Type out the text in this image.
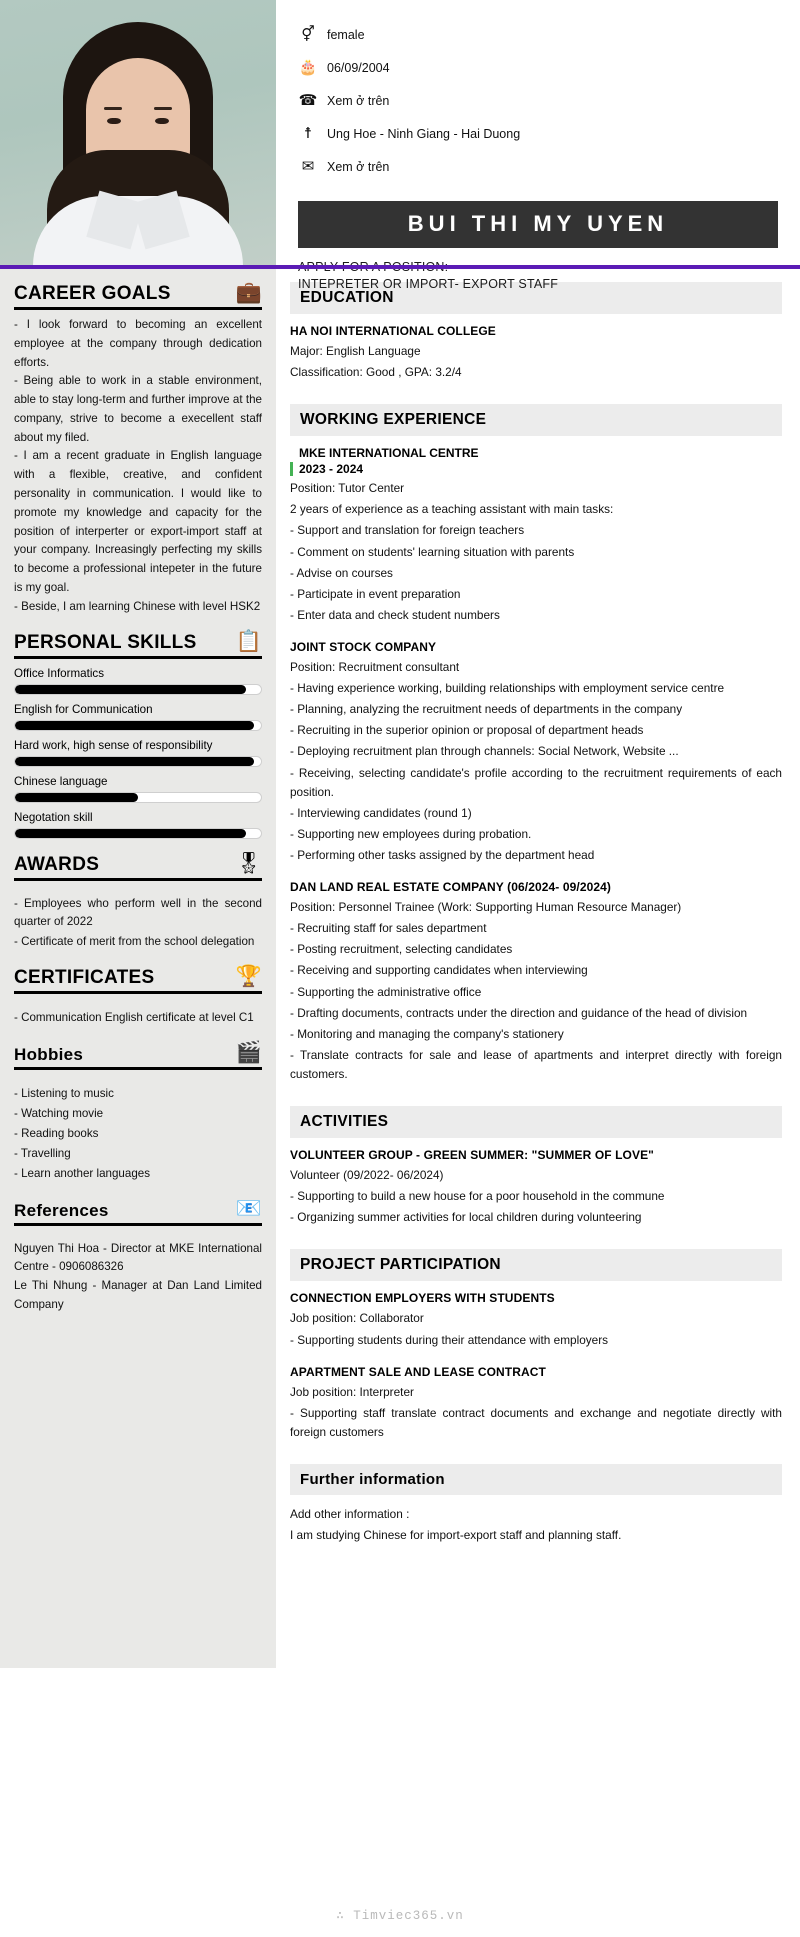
⚥ female
🎂 06/09/2004
☎ Xem ở trên
☨	Ung Hoe - Ninh Giang - Hai Duong
✉ Xem ở trên
BUI THI MY UYEN
INTEPRETER OR IMPORT- EXPORT STAFF
CAREER GOALS	💼
- I look forward to becoming an excellent employee at the company through dedication efforts.
- Being able to work in a stable environment, able to stay long-term and further improve at the company, strive to become a execellent staff about my filed.
- I am a recent graduate in English language with a flexible, creative, and confident personality in communication. I would like to promote my knowledge and capacity for the position of interperter or export-import staff at your company. Increasingly perfecting my skills to become a professional intepeter in the future is my goal.
- Beside, I am learning Chinese with level HSK2
PERSONAL SKILLS 📋
Office Informatics
English for Communication
Hard work, high sense of responsibility
Chinese language
Negotation skill
AWARDS	🎖
- Employees who perform well in the second quarter of 2022
- Certificate of merit from the school delegation
CERTIFICATES	🏆
- Communication English certificate at level C1
Hobbies	🎬
- Listening to music
- Watching movie
- Reading books
- Travelling
- Learn another languages
References	📧
Nguyen Thi Hoa - Director at MKE International Centre - 0906086326
Le Thi Nhung - Manager at Dan Land Limited Company
EDUCATION
HA NOI INTERNATIONAL COLLEGE
Major: English Language
Classification: Good , GPA: 3.2/4
WORKING EXPERIENCE
MKE INTERNATIONAL CENTRE
2023 - 2024
Position: Tutor Center
2 years of experience as a teaching assistant with main tasks:
- Support and translation for foreign teachers
- Comment on students' learning situation with parents
- Advise on courses
- Participate in event preparation
- Enter data and check student numbers
JOINT STOCK COMPANY
Position: Recruitment consultant
- Having experience working, building relationships with employment service centre
- Planning, analyzing the recruitment needs of departments in the company
- Recruiting in the superior opinion or proposal of department heads
- Deploying recruitment plan through channels: Social Network, Website ...
- Receiving, selecting candidate's profile according to the recruitment requirements of each position.
- Interviewing candidates (round 1)
- Supporting new employees during probation.
- Performing other tasks assigned by the department head
DAN LAND REAL ESTATE COMPANY (06/2024- 09/2024)
Position: Personnel Trainee (Work: Supporting Human Resource Manager)
- Recruiting staff for sales department
- Posting recruitment, selecting candidates
- Receiving and supporting candidates when interviewing
- Supporting the administrative office
- Drafting documents, contracts under the direction and guidance of the head of division
- Monitoring and managing the company's stationery
- Translate contracts for sale and lease of apartments and interpret directly with foreign customers.
ACTIVITIES
VOLUNTEER GROUP - GREEN SUMMER: "SUMMER OF LOVE"
Volunteer (09/2022- 06/2024)
- Supporting to build a new house for a poor household in the commune
- Organizing summer activities for local children during volunteering
PROJECT PARTICIPATION
CONNECTION EMPLOYERS WITH STUDENTS
Job position: Collaborator
- Supporting students during their attendance with employers
APARTMENT SALE AND LEASE CONTRACT
Job position: Interpreter
- Supporting staff translate contract documents and exchange and negotiate directly with foreign customers
Further information
Add other information :
I am studying Chinese for import-export staff and planning staff.
∴ Timviec365.vn
